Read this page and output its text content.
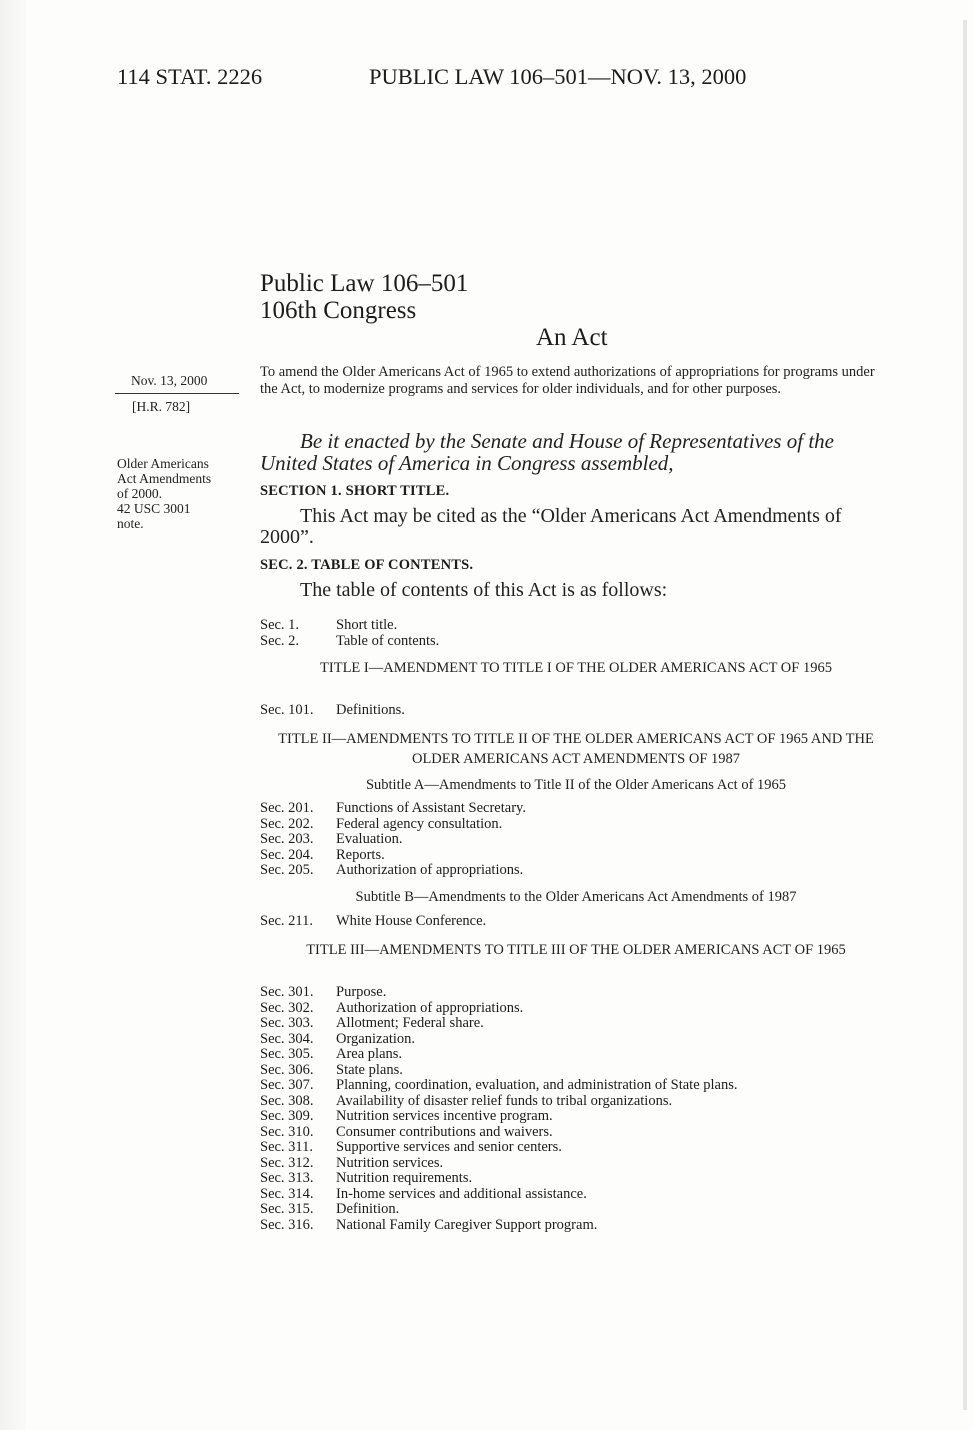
114 STAT. 2226	PUBLIC LAW 106–501—NOV. 13, 2000
Public Law 106–501
106th Congress
An Act
Nov. 13, 2000
[H.R. 782]
Older Americans
Act Amendments
of 2000.
42 USC 3001
note.
To amend the Older Americans Act of 1965 to extend authorizations of appropriations for programs under the Act, to modernize programs and services for older individuals, and for other purposes.
Be it enacted by the Senate and House of Representatives of the United States of America in Congress assembled,
SECTION 1. SHORT TITLE.
This Act may be cited as the “Older Americans Act Amendments of 2000”.
SEC. 2. TABLE OF CONTENTS.
The table of contents of this Act is as follows:
Sec. 1.	Short title.
Sec. 2.	Table of contents.
TITLE I—AMENDMENT TO TITLE I OF THE OLDER AMERICANS ACT OF 1965
Sec. 101. Definitions.
TITLE II—AMENDMENTS TO TITLE II OF THE OLDER AMERICANS ACT OF 1965 AND THE OLDER AMERICANS ACT AMENDMENTS OF 1987
Subtitle A—Amendments to Title II of the Older Americans Act of 1965
Sec. 201. Functions of Assistant Secretary.
Sec. 202. Federal agency consultation.
Sec. 203. Evaluation.
Sec. 204. Reports.
Sec. 205. Authorization of appropriations.
Subtitle B—Amendments to the Older Americans Act Amendments of 1987
Sec. 211. White House Conference.
TITLE III—AMENDMENTS TO TITLE III OF THE OLDER AMERICANS ACT OF 1965
Sec. 301. Purpose.
Sec. 302. Authorization of appropriations.
Sec. 303. Allotment; Federal share.
Sec. 304. Organization.
Sec. 305. Area plans.
Sec. 306. State plans.
Sec. 307. Planning, coordination, evaluation, and administration of State plans.
Sec. 308. Availability of disaster relief funds to tribal organizations.
Sec. 309. Nutrition services incentive program.
Sec. 310. Consumer contributions and waivers.
Sec. 311. Supportive services and senior centers.
Sec. 312. Nutrition services.
Sec. 313. Nutrition requirements.
Sec. 314. In-home services and additional assistance.
Sec. 315. Definition.
Sec. 316. National Family Caregiver Support program.
